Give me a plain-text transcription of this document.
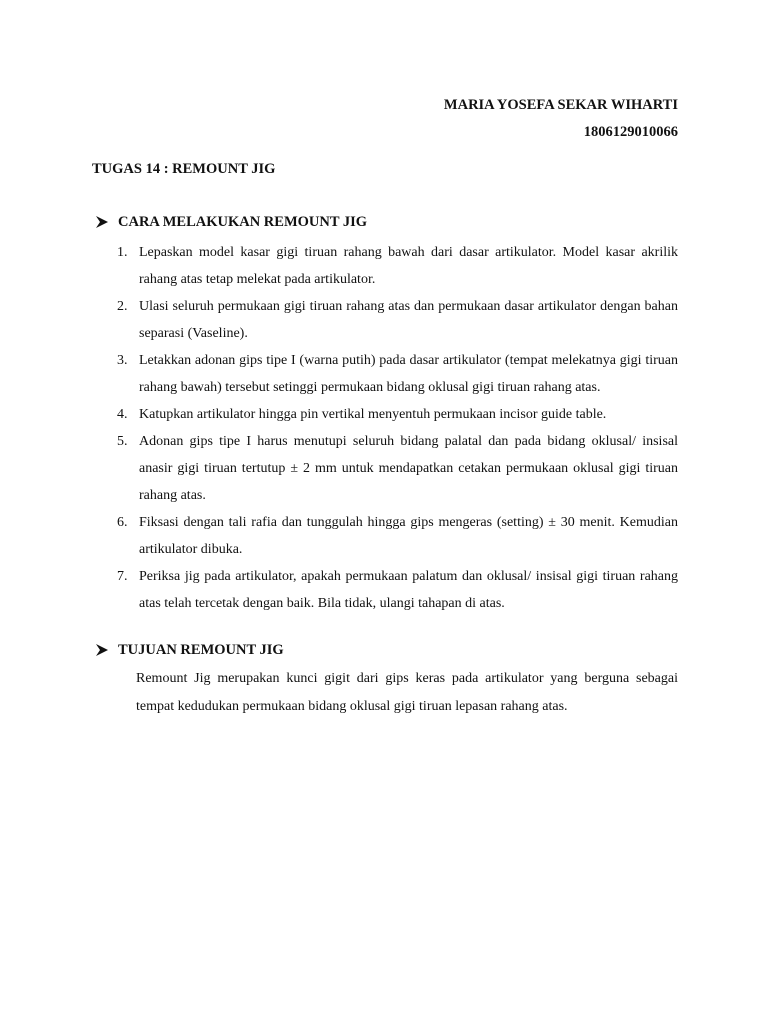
MARIA YOSEFA SEKAR WIHARTI
1806129010066
TUGAS 14 : REMOUNT JIG
CARA MELAKUKAN REMOUNT JIG
1. Lepaskan model kasar gigi tiruan rahang bawah dari dasar artikulator. Model kasar akrilik rahang atas tetap melekat pada artikulator.
2. Ulasi seluruh permukaan gigi tiruan rahang atas dan permukaan dasar artikulator dengan bahan separasi (Vaseline).
3. Letakkan adonan gips tipe I (warna putih) pada dasar artikulator (tempat melekatnya gigi tiruan rahang bawah) tersebut setinggi permukaan bidang oklusal gigi tiruan rahang atas.
4. Katupkan artikulator hingga pin vertikal menyentuh permukaan incisor guide table.
5. Adonan gips tipe I harus menutupi seluruh bidang palatal dan pada bidang oklusal/ insisal anasir gigi tiruan tertutup ± 2 mm untuk mendapatkan cetakan permukaan oklusal gigi tiruan rahang atas.
6. Fiksasi dengan tali rafia dan tunggulah hingga gips mengeras (setting) ± 30 menit. Kemudian artikulator dibuka.
7. Periksa jig pada artikulator, apakah permukaan palatum dan oklusal/ insisal gigi tiruan rahang atas telah tercetak dengan baik. Bila tidak, ulangi tahapan di atas.
TUJUAN REMOUNT JIG

Remount Jig merupakan kunci gigit dari gips keras pada artikulator yang berguna sebagai tempat kedudukan permukaan bidang oklusal gigi tiruan lepasan rahang atas.
